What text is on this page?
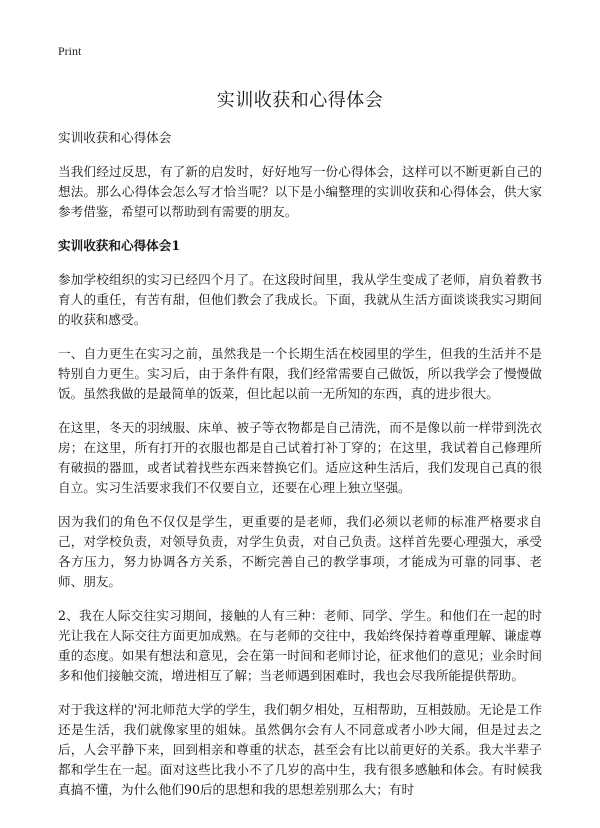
Print
实训收获和心得体会

实训收获和心得体会

当我们经过反思，有了新的启发时，好好地写一份心得体会，这样可以不断更新自己的想法。那么心得体会怎么写才恰当呢？以下是小编整理的实训收获和心得体会，供大家参考借鉴，希望可以帮助到有需要的朋友。

实训收获和心得体会1

参加学校组织的实习已经四个月了。在这段时间里，我从学生变成了老师，肩负着教书育人的重任，有苦有甜，但他们教会了我成长。下面，我就从生活方面谈谈我实习期间的收获和感受。

一、自力更生在实习之前，虽然我是一个长期生活在校园里的学生，但我的生活并不是特别自力更生。实习后，由于条件有限，我们经常需要自己做饭，所以我学会了慢慢做饭。虽然我做的是最简单的饭菜，但比起以前一无所知的东西，真的进步很大。

在这里，冬天的羽绒服、床单、被子等衣物都是自己清洗，而不是像以前一样带到洗衣房；在这里，所有打开的衣服也都是自己试着打补丁穿的；在这里，我试着自己修理所有破损的器皿，或者试着找些东西来替换它们。适应这种生活后，我们发现自己真的很自立。实习生活要求我们不仅要自立，还要在心理上独立坚强。

因为我们的角色不仅仅是学生，更重要的是老师，我们必须以老师的标准严格要求自己，对学校负责，对领导负责，对学生负责，对自己负责。这样首先要心理强大，承受各方压力，努力协调各方关系，不断完善自己的教学事项，才能成为可靠的同事、老师、朋友。

2、我在人际交往实习期间，接触的人有三种：老师、同学、学生。和他们在一起的时光让我在人际交往方面更加成熟。在与老师的交往中，我始终保持着尊重理解、谦虚尊重的态度。如果有想法和意见，会在第一时间和老师讨论，征求他们的意见；业余时间多和他们接触交流，增进相互了解；当老师遇到困难时，我也会尽我所能提供帮助。

对于我这样的'河北师范大学的学生，我们朝夕相处，互相帮助，互相鼓励。无论是工作还是生活，我们就像家里的姐妹。虽然偶尔会有人不同意或者小吵大闹，但是过去之后，人会平静下来，回到相亲和尊重的状态，甚至会有比以前更好的关系。我大半辈子都和学生在一起。面对这些比我小不了几岁的高中生，我有很多感触和体会。有时候我真搞不懂，为什么他们90后的思想和我的思想差别那么大；有时
